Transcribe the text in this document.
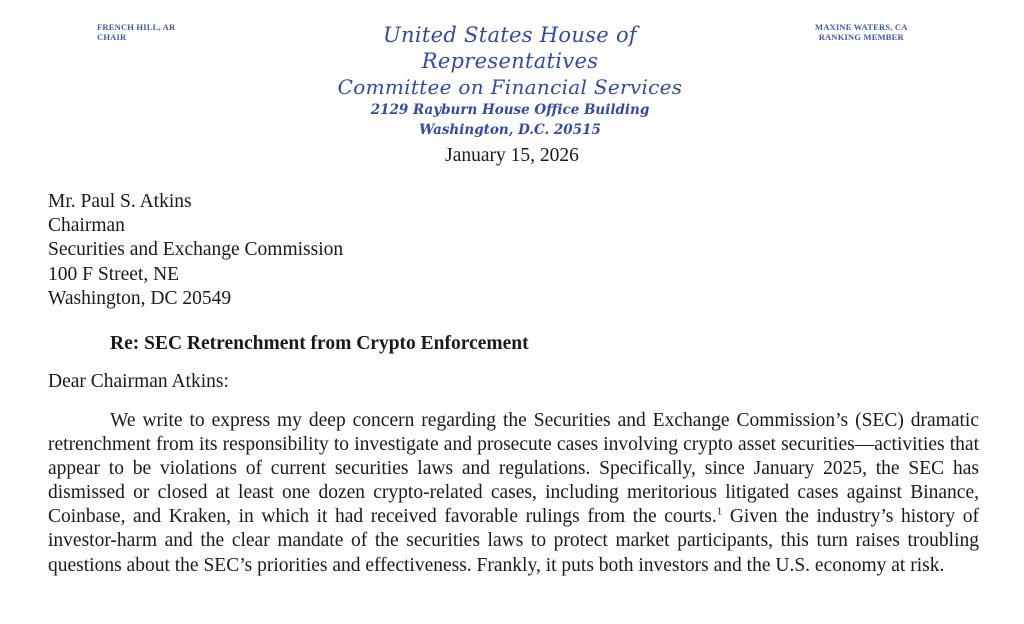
FRENCH HILL, AR
CHAIR	United States House of Representatives
Committee on Financial Services
2129 Rayburn House Office Building
Washington, D.C. 20515
MAXINE WATERS, CA
RANKING MEMBER
January 15, 2026
Mr. Paul S. Atkins
Chairman
Securities and Exchange Commission
100 F Street, NE
Washington, DC 20549
Re: SEC Retrenchment from Crypto Enforcement
Dear Chairman Atkins:
We write to express my deep concern regarding the Securities and Exchange Commission’s (SEC) dramatic retrenchment from its responsibility to investigate and prosecute cases involving crypto asset securities—activities that appear to be violations of current securities laws and regulations. Specifically, since January 2025, the SEC has dismissed or closed at least one dozen crypto-related cases, including meritorious litigated cases against Binance, Coinbase, and Kraken, in which it had received favorable rulings from the courts.$^1$ Given the industry’s history of investor-harm and the clear mandate of the securities laws to protect market participants, this turn raises troubling questions about the SEC’s priorities and effectiveness. Frankly, it puts both investors and the U.S. economy at risk.
